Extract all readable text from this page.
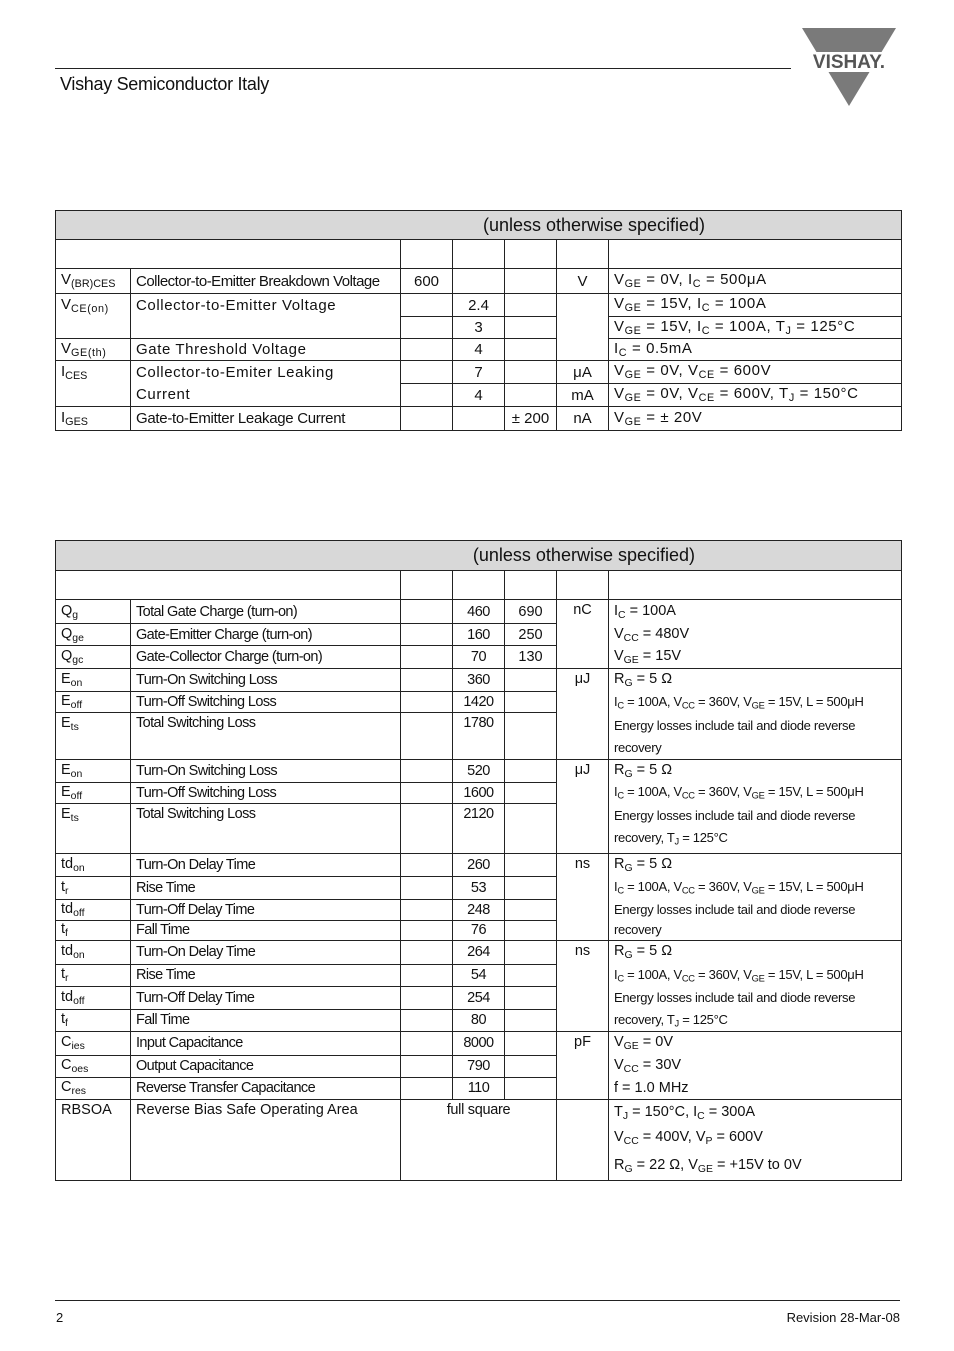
Vishay Semiconductor Italy
VISHAY.
(unless otherwise specified)						

$V_{(BR)CES}$	Collector-to-Emitter Breakdown Voltage	600			V	$V_{GE} = 0V$, $I_C = 500\mu A$
$V_{CE(on)}$	Collector-to-Emitter Voltage		2.4			$V_{GE} = 15V$, $I_C = 100A$
			3			$V_{GE} = 15V$, $I_C = 100A$, $T_J = 125^\circ C$
$V_{GE(th)}$	Gate Threshold Voltage		4			$I_C = 0.5mA$
$I_{CES}$	Collector-to-Emiter Leaking		7		μA	$V_{GE} = 0V$, $V_{CE} = 600V$
	Current		4		mA	$V_{GE} = 0V$, $V_{CE} = 600V$, $T_J = 150^\circ C$
$I_{GES}$	Gate-to-Emitter Leakage Current			± 200	nA	$V_{GE}$ = ± 20V
(unless otherwise specified)						

$Q_g$	Total Gate Charge (turn-on)		460	690	nC	$I_C = 100A$
$Q_{ge}$	Gate-Emitter Charge (turn-on)		160	250		$V_{CC} = 480V$
$Q_{gc}$	Gate-Collector Charge (turn-on)		70	130		$V_{GE} = 15V$
$E_{on}$	Turn-On Switching Loss		360		μJ	$R_G = 5$ Ω
$E_{off}$	Turn-Off Switching Loss		1420			$I_C = 100A$, $V_{CC} = 360V$, $V_{GE} = 15V$, L = 500μH
$E_{ts}$	Total Switching Loss		1780			Energy losses include tail and diode reverse
recovery
$E_{on}$	Turn-On Switching Loss		520		μJ	$R_G = 5$ Ω
$E_{off}$	Turn-Off Switching Loss		1600			$I_C = 100A$, $V_{CC} = 360V$, $V_{GE} = 15V$, L = 500μH
$E_{ts}$	Total Switching Loss		2120			Energy losses include tail and diode reverse
recovery, $T_J = 125^\circ C$
$td_{on}$	Turn-On Delay Time		260		ns	$R_G = 5$ Ω
$t_r$	Rise Time		53			$I_C = 100A$, $V_{CC} = 360V$, $V_{GE} = 15V$, L = 500μH
$td_{off}$	Turn-Off Delay Time		248			Energy losses include tail and diode reverse
$t_f$	Fall Time		76			recovery
$td_{on}$	Turn-On Delay Time		264		ns	$R_G = 5$ Ω
$t_r$	Rise Time		54			$I_C = 100A$, $V_{CC} = 360V$, $V_{GE} = 15V$, L = 500μH
$td_{off}$	Turn-Off Delay Time		254			Energy losses include tail and diode reverse
$t_f$	Fall Time		80			recovery, $T_J = 125^\circ C$
$C_{ies}$	Input Capacitance		8000		pF	$V_{GE} = 0V$
$C_{oes}$	Output Capacitance		790			$V_{CC} = 30V$
$C_{res}$	Reverse Transfer Capacitance		110			f = 1.0 MHz
RBSOA	Reverse Bias Safe Operating Area	full square				$T_J = 150^\circ C$, $I_C = 300A$
$V_{CC} = 400V$, $V_P = 600V$
$R_G = 22$ Ω, $V_{GE} = +15V$ to 0V
2	Revision 28-Mar-08
